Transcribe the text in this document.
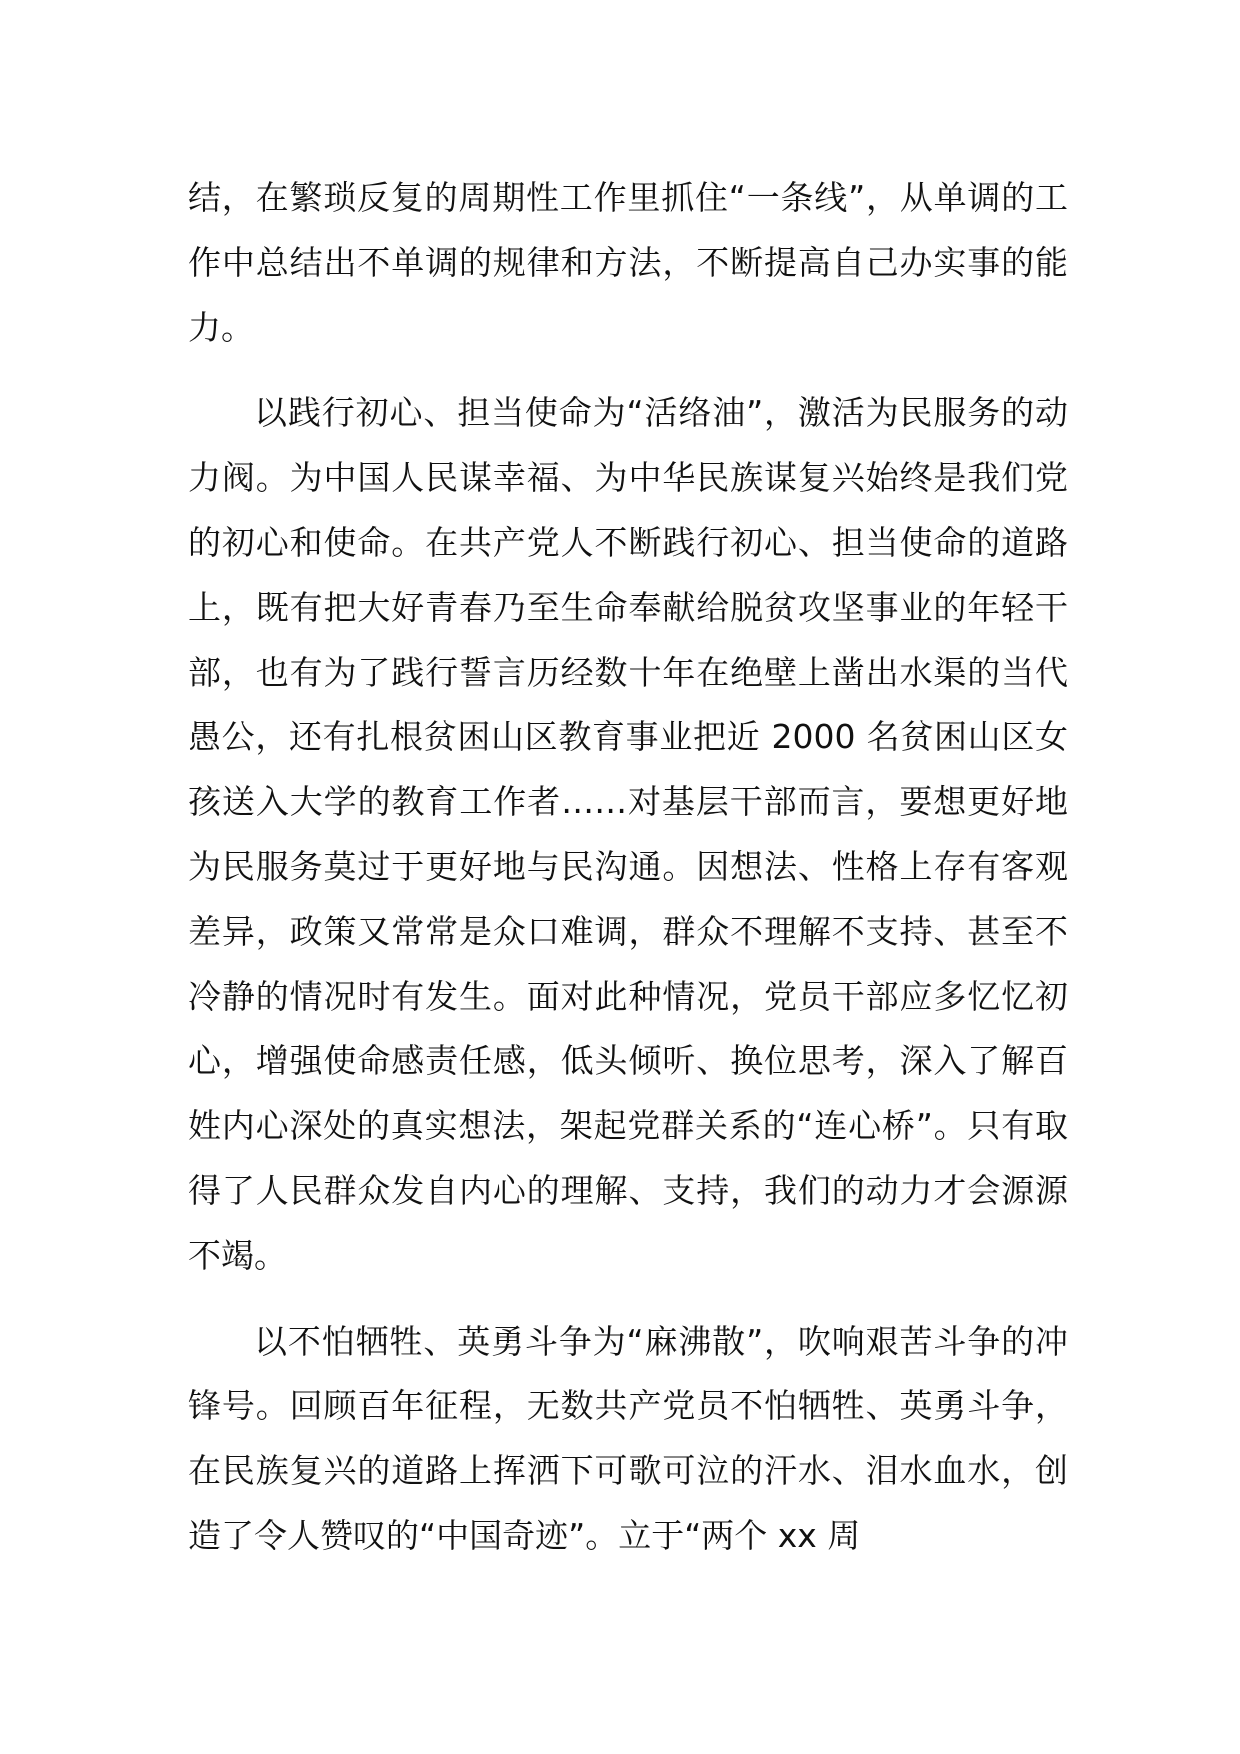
结，在繁琐反复的周期性工作里抓住“一条线”，从单调的工作中总结出不单调的规律和方法，不断提高自己办实事的能力。

以践行初心、担当使命为“活络油”，激活为民服务的动力阀。为中国人民谋幸福、为中华民族谋复兴始终是我们党的初心和使命。在共产党人不断践行初心、担当使命的道路上，既有把大好青春乃至生命奉献给脱贫攻坚事业的年轻干部，也有为了践行誓言历经数十年在绝壁上凿出水渠的当代愚公，还有扎根贫困山区教育事业把近 2000 名贫困山区女孩送入大学的教育工作者……对基层干部而言，要想更好地为民服务莫过于更好地与民沟通。因想法、性格上存有客观差异，政策又常常是众口难调，群众不理解不支持、甚至不冷静的情况时有发生。面对此种情况，党员干部应多忆忆初心，增强使命感责任感，低头倾听、换位思考，深入了解百姓内心深处的真实想法，架起党群关系的“连心桥”。只有取得了人民群众发自内心的理解、支持，我们的动力才会源源不竭。

以不怕牺牲、英勇斗争为“麻沸散”，吹响艰苦斗争的冲锋号。回顾百年征程，无数共产党员不怕牺牲、英勇斗争，在民族复兴的道路上挥洒下可歌可泣的汗水、泪水血水，创造了令人赞叹的“中国奇迹”。立于“两个 xx 周
